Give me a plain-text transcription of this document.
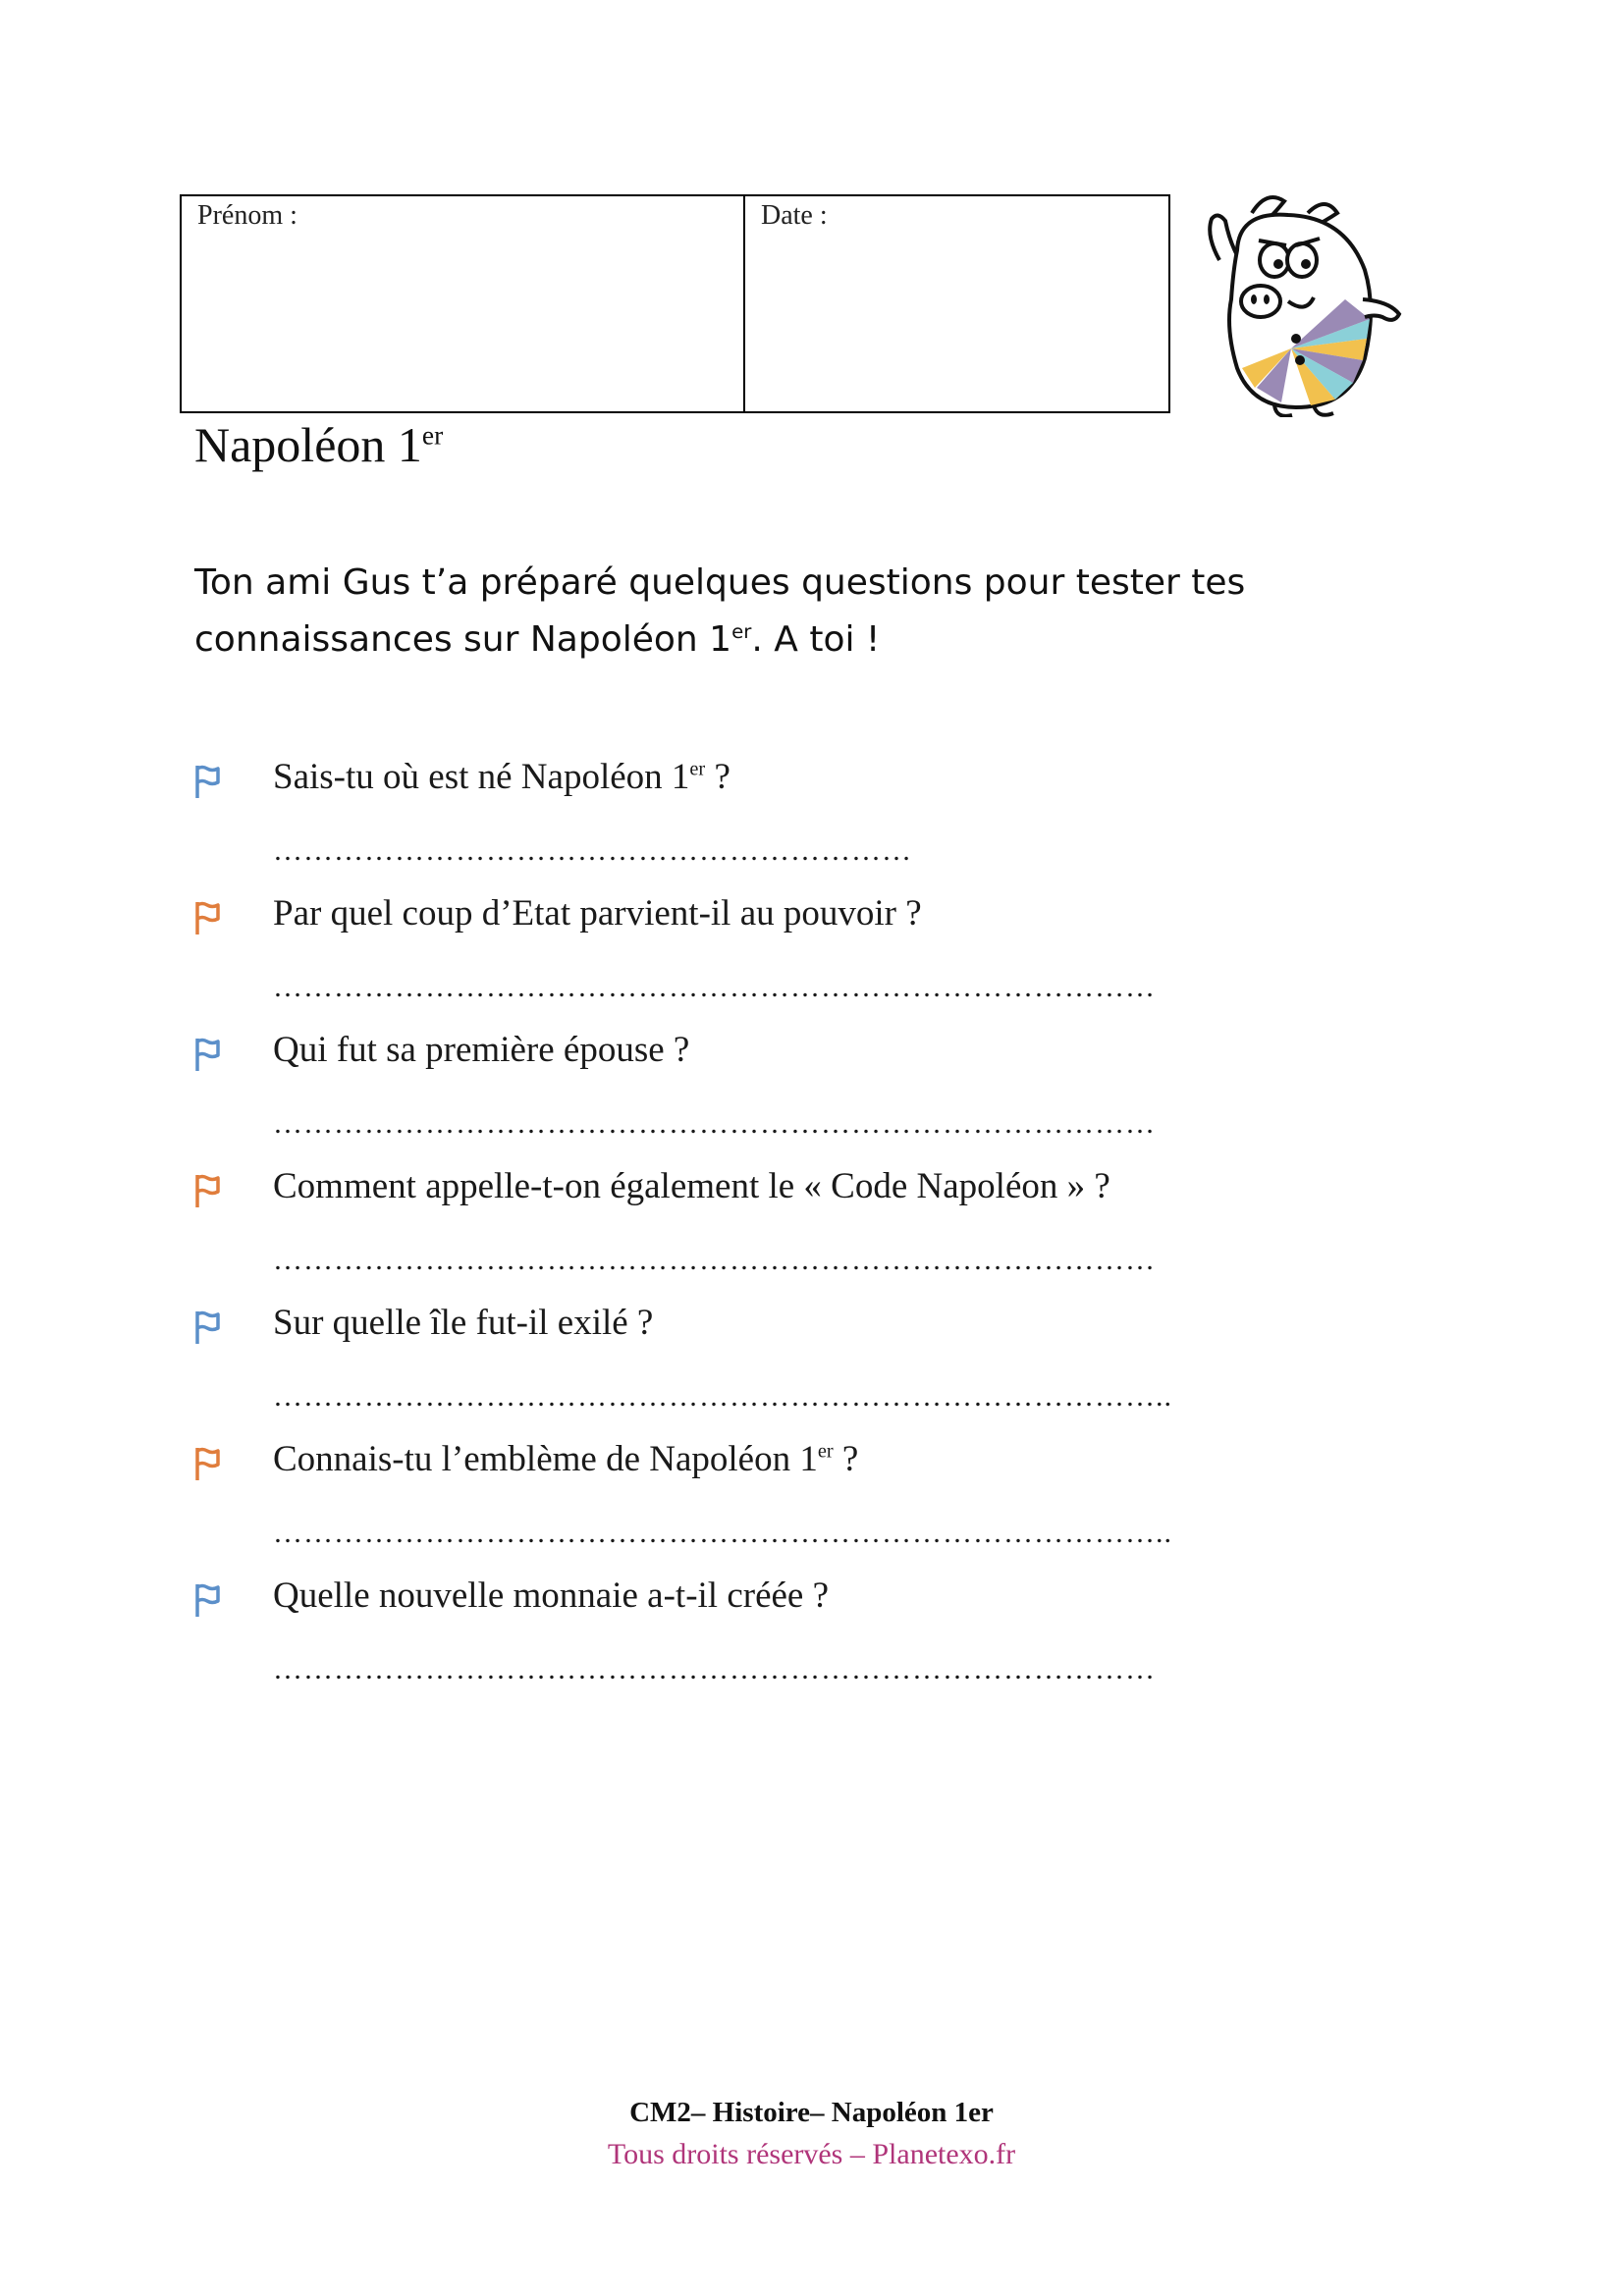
Prénom :	Date :
Napoléon 1er

Ton ami Gus t’a préparé quelques questions pour tester tes connaissances sur Napoléon 1er. A toi !

Sais-tu où est né Napoléon 1er ?
………………………………………………………
Par quel coup d’Etat parvient-il au pouvoir ?
……………………………………………………………………………
Qui fut sa première épouse ?
……………………………………………………………………………
Comment appelle-t-on également le « Code Napoléon » ?
……………………………………………………………………………
Sur quelle île fut-il exilé ?
……………………………………………………………………………..
Connais-tu l’emblème de Napoléon 1er ?
……………………………………………………………………………..
Quelle nouvelle monnaie a-t-il créée ?
……………………………………………………………………………
CM2– Histoire– Napoléon 1er
Tous droits réservés – Planetexo.fr
